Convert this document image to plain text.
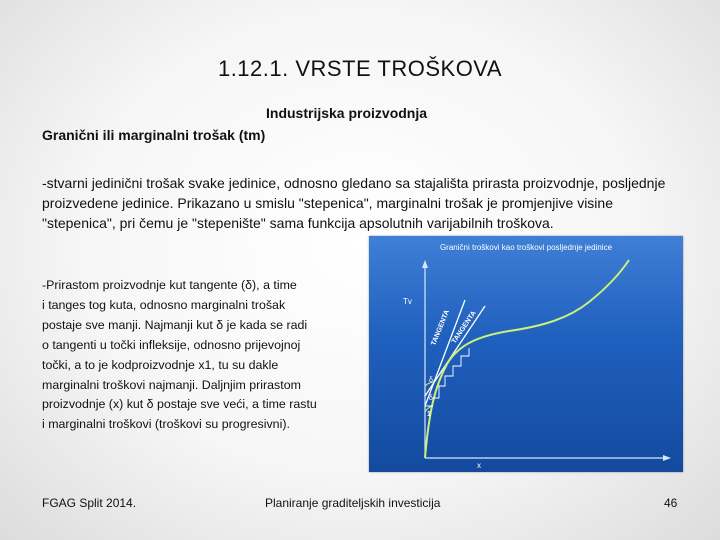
1.12.1. VRSTE TROŠKOVA
Industrijska proizvodnja
Granični ili marginalni trošak (tm)
-stvarni jedinični trošak svake jedinice, odnosno gledano sa stajališta prirasta proizvodnje, posljednje proizvedene jedinice. Prikazano u smislu "stepenica", marginalni trošak je promjenjive visine "stepenica", pri čemu je "stepenište" sama funkcija apsolutnih varijabilnih troškova.
-Prirastom proizvodnje kut tangente (δ), a time
i tanges tog kuta, odnosno marginalni trošak
postaje sve manji. Najmanji kut δ je kada se radi
o tangenti u točki infleksije, odnosno prijevojnoj
točki, a to je kodproizvodnje x1, tu su dakle
marginalni troškovi najmanji. Daljnjim prirastom
proizvodnje (x) kut δ postaje sve veći, a time rastu
i marginalni troškovi (troškovi su progresivni).
Granični troškovi kao troškovi posljednje jedinice
Tv
x
TANGENTA TANGENTA
δ₁
δ
1
FGAG Split 2014.	Planiranje graditeljskih investicija	46
